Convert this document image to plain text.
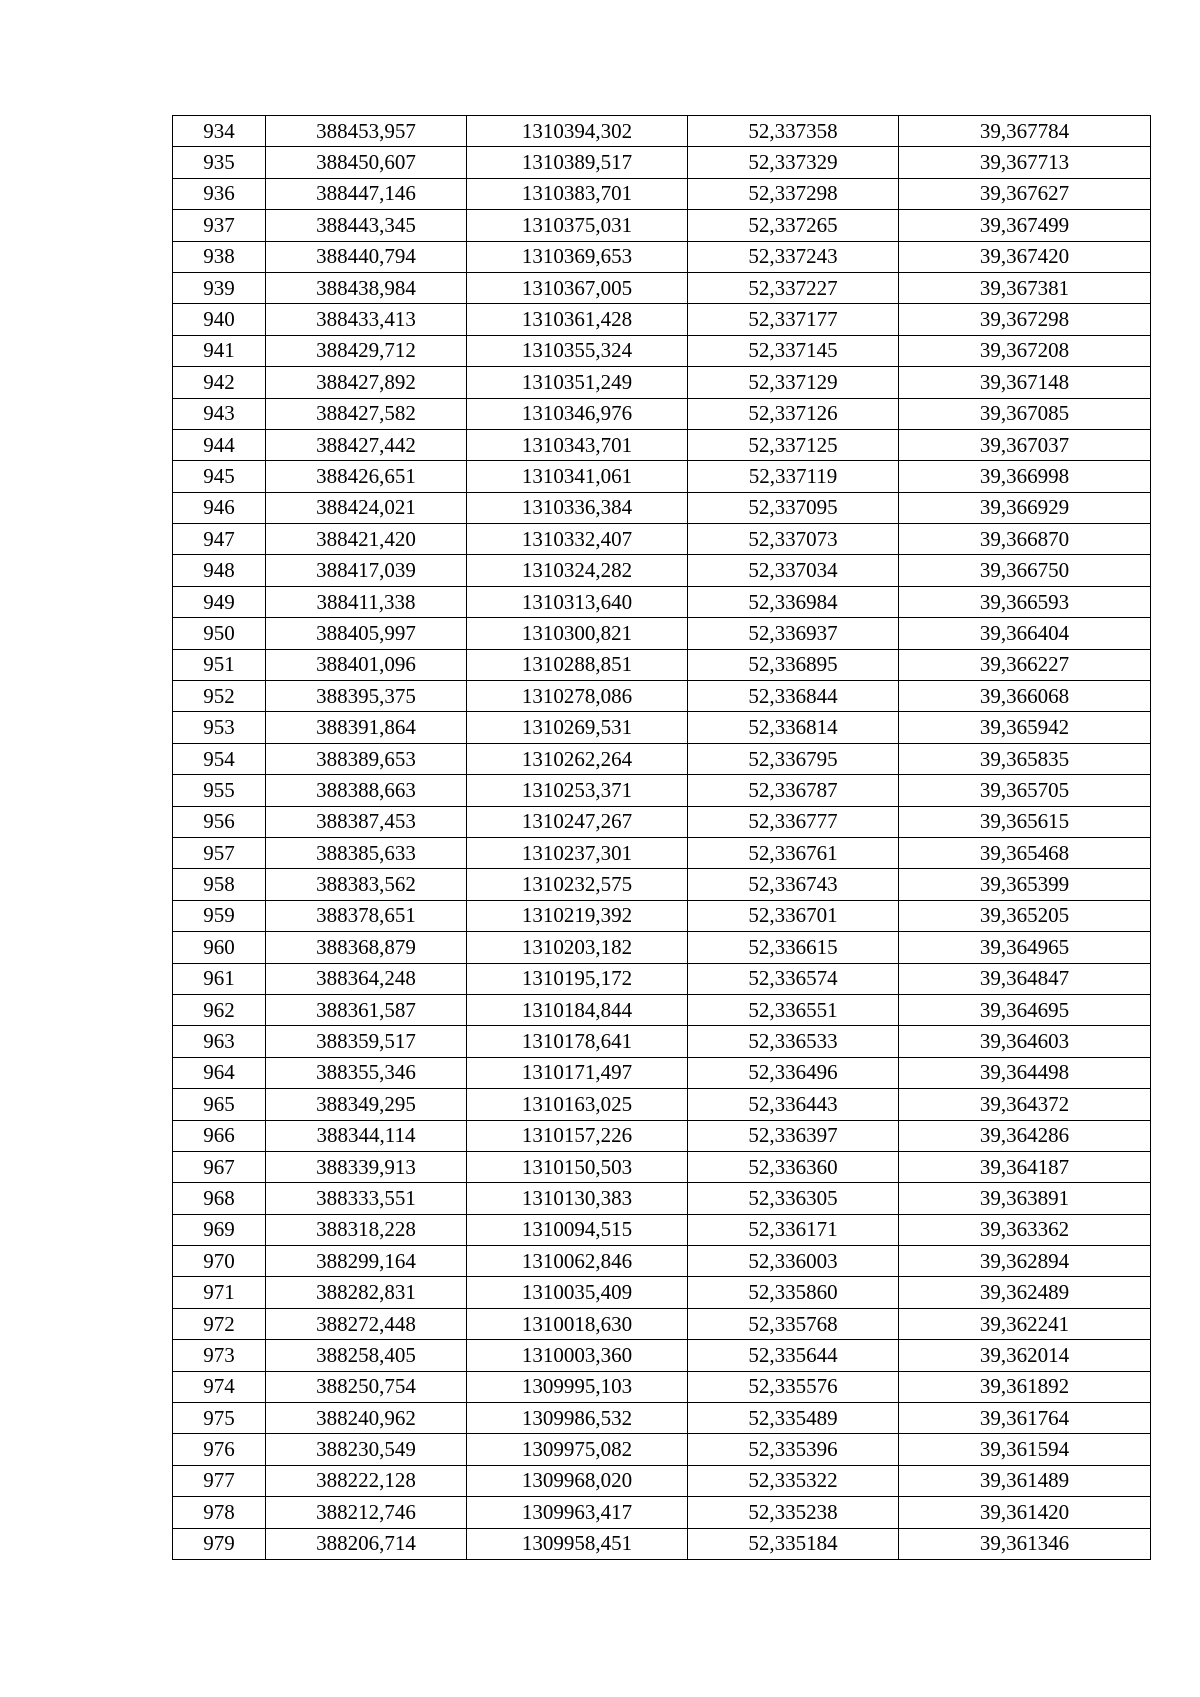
934	388453,957	1310394,302	52,337358	39,367784
935	388450,607	1310389,517	52,337329	39,367713
936	388447,146	1310383,701	52,337298	39,367627
937	388443,345	1310375,031	52,337265	39,367499
938	388440,794	1310369,653	52,337243	39,367420
939	388438,984	1310367,005	52,337227	39,367381
940	388433,413	1310361,428	52,337177	39,367298
941	388429,712	1310355,324	52,337145	39,367208
942	388427,892	1310351,249	52,337129	39,367148
943	388427,582	1310346,976	52,337126	39,367085
944	388427,442	1310343,701	52,337125	39,367037
945	388426,651	1310341,061	52,337119	39,366998
946	388424,021	1310336,384	52,337095	39,366929
947	388421,420	1310332,407	52,337073	39,366870
948	388417,039	1310324,282	52,337034	39,366750
949	388411,338	1310313,640	52,336984	39,366593
950	388405,997	1310300,821	52,336937	39,366404
951	388401,096	1310288,851	52,336895	39,366227
952	388395,375	1310278,086	52,336844	39,366068
953	388391,864	1310269,531	52,336814	39,365942
954	388389,653	1310262,264	52,336795	39,365835
955	388388,663	1310253,371	52,336787	39,365705
956	388387,453	1310247,267	52,336777	39,365615
957	388385,633	1310237,301	52,336761	39,365468
958	388383,562	1310232,575	52,336743	39,365399
959	388378,651	1310219,392	52,336701	39,365205
960	388368,879	1310203,182	52,336615	39,364965
961	388364,248	1310195,172	52,336574	39,364847
962	388361,587	1310184,844	52,336551	39,364695
963	388359,517	1310178,641	52,336533	39,364603
964	388355,346	1310171,497	52,336496	39,364498
965	388349,295	1310163,025	52,336443	39,364372
966	388344,114	1310157,226	52,336397	39,364286
967	388339,913	1310150,503	52,336360	39,364187
968	388333,551	1310130,383	52,336305	39,363891
969	388318,228	1310094,515	52,336171	39,363362
970	388299,164	1310062,846	52,336003	39,362894
971	388282,831	1310035,409	52,335860	39,362489
972	388272,448	1310018,630	52,335768	39,362241
973	388258,405	1310003,360	52,335644	39,362014
974	388250,754	1309995,103	52,335576	39,361892
975	388240,962	1309986,532	52,335489	39,361764
976	388230,549	1309975,082	52,335396	39,361594
977	388222,128	1309968,020	52,335322	39,361489
978	388212,746	1309963,417	52,335238	39,361420
979	388206,714	1309958,451	52,335184	39,361346
